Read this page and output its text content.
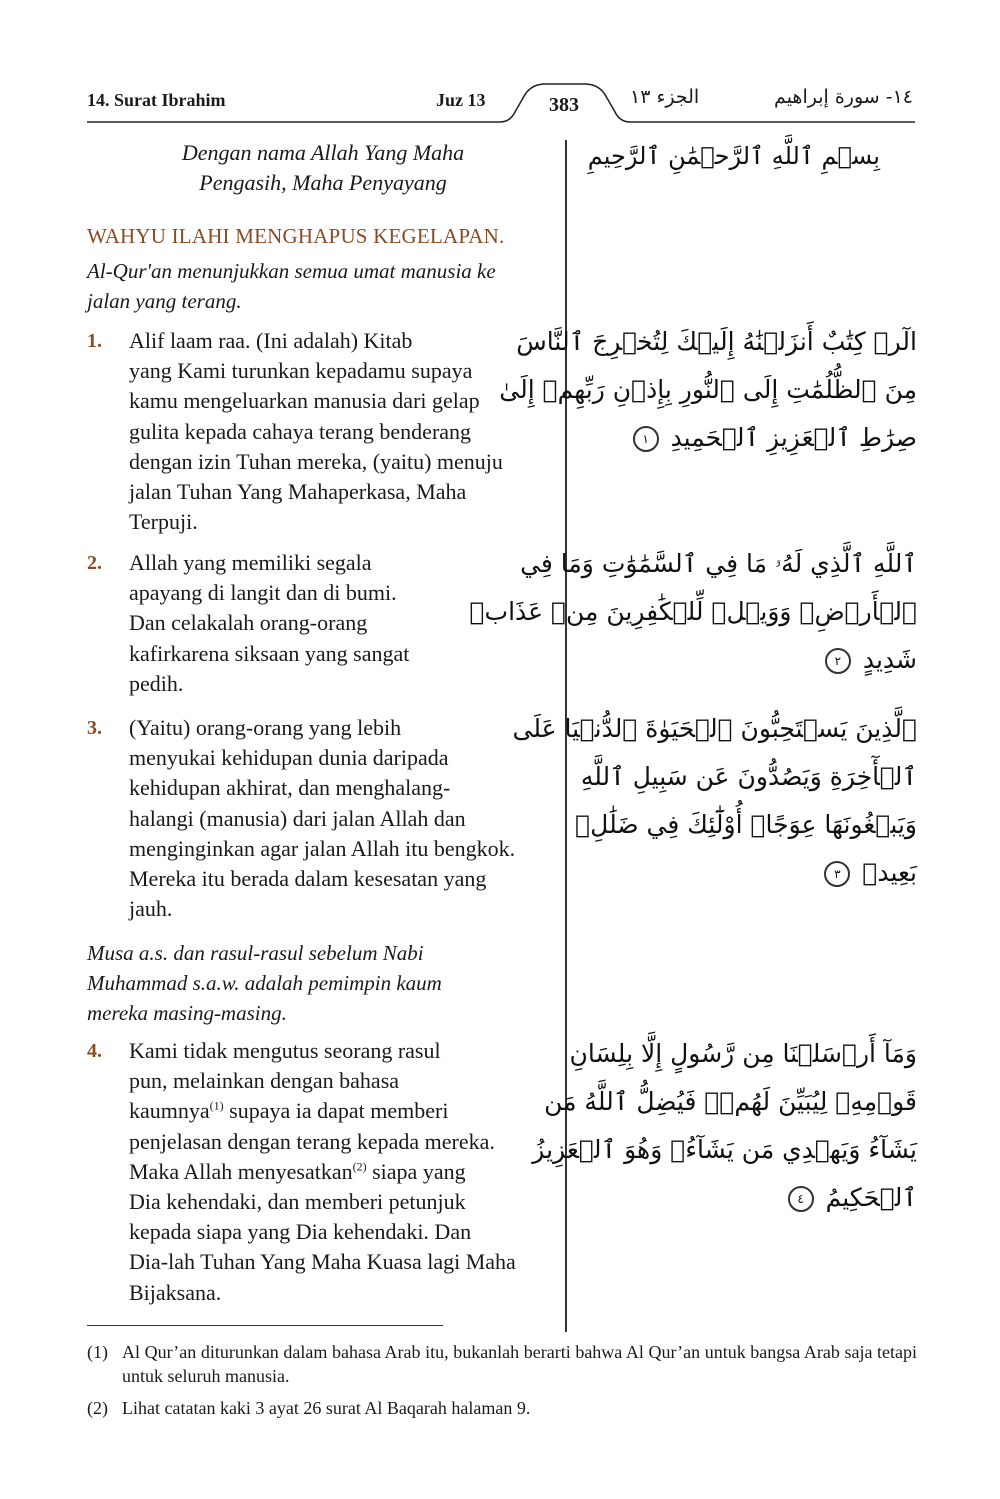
14. Surat Ibrahim	Juz 13	383	الجزء ١٣	١٤- سورة إبراهيم
بِسۡمِ ٱللَّهِ ٱلرَّحۡمَٰنِ ٱلرَّحِيمِ

Dengan nama Allah Yang Maha
Pengasih, Maha Penyayang

WAHYU ILAHI MENGHAPUS KEGELAPAN.

Al-Qur'an menunjukkan semua umat manusia ke
jalan yang terang.

1. Alif laam raa. (Ini adalah) Kitab
yang Kami turunkan kepadamu supaya
kamu mengeluarkan manusia dari gelap
gulita kepada cahaya terang benderang
dengan izin Tuhan mereka, (yaitu) menuju
jalan Tuhan Yang Mahaperkasa, Maha
Terpuji.
2. Allah yang memiliki segala
apayang di langit dan di bumi.
Dan celakalah orang-orang
kafirkarena siksaan yang sangat
pedih.
3. (Yaitu) orang-orang yang lebih
menyukai kehidupan dunia daripada
kehidupan akhirat, dan menghalang-
halangi (manusia) dari jalan Allah dan
menginginkan agar jalan Allah itu bengkok.
Mereka itu berada dalam kesesatan yang
jauh.

Musa a.s. dan rasul-rasul sebelum Nabi
Muhammad s.a.w. adalah pemimpin kaum
mereka masing-masing.

4. Kami tidak mengutus seorang rasul
pun, melainkan dengan bahasa
kaumnya$^{(1)}$ supaya ia dapat memberi
penjelasan dengan terang kepada mereka.
Maka Allah menyesatkan$^{(2)}$ siapa yang
Dia kehendaki, dan memberi petunjuk
kepada siapa yang Dia kehendaki. Dan
Dia-lah Tuhan Yang Maha Kuasa lagi Maha
Bijaksana.
الٓرۚ كِتَٰبٌ أَنزَلۡنَٰهُ إِلَيۡكَ لِتُخۡرِجَ ٱلنَّاسَ
مِنَ ٱلظُّلُمَٰتِ إِلَى ٱلنُّورِ بِإِذۡنِ رَبِّهِمۡ إِلَىٰ
صِرَٰطِ ٱلۡعَزِيزِ ٱلۡحَمِيدِ ١
ٱللَّهِ ٱلَّذِي لَهُۥ مَا فِي ٱلسَّمَٰوَٰتِ وَمَا فِي
ٱلۡأَرۡضِۗ وَوَيۡلٞ لِّلۡكَٰفِرِينَ مِنۡ عَذَابٖ
شَدِيدٍ ٢
ٱلَّذِينَ يَسۡتَحِبُّونَ ٱلۡحَيَوٰةَ ٱلدُّنۡيَا عَلَى
ٱلۡأٓخِرَةِ وَيَصُدُّونَ عَن سَبِيلِ ٱللَّهِ
وَيَبۡغُونَهَا عِوَجًاۚ أُوْلَٰٓئِكَ فِي ضَلَٰلِۭ
بَعِيدٖ ٣
وَمَآ أَرۡسَلۡنَا مِن رَّسُولٍ إِلَّا بِلِسَانِ
قَوۡمِهِۦ لِيُبَيِّنَ لَهُمۡۖ فَيُضِلُّ ٱللَّهُ مَن
يَشَآءُ وَيَهۡدِي مَن يَشَآءُۚ وَهُوَ ٱلۡعَزِيزُ
ٱلۡحَكِيمُ ٤
(1) Al Qur’an diturunkan dalam bahasa Arab itu, bukanlah berarti bahwa Al Qur’an untuk bangsa Arab saja tetapi untuk seluruh manusia.
(2) Lihat catatan kaki 3 ayat 26 surat Al Baqarah halaman 9.
